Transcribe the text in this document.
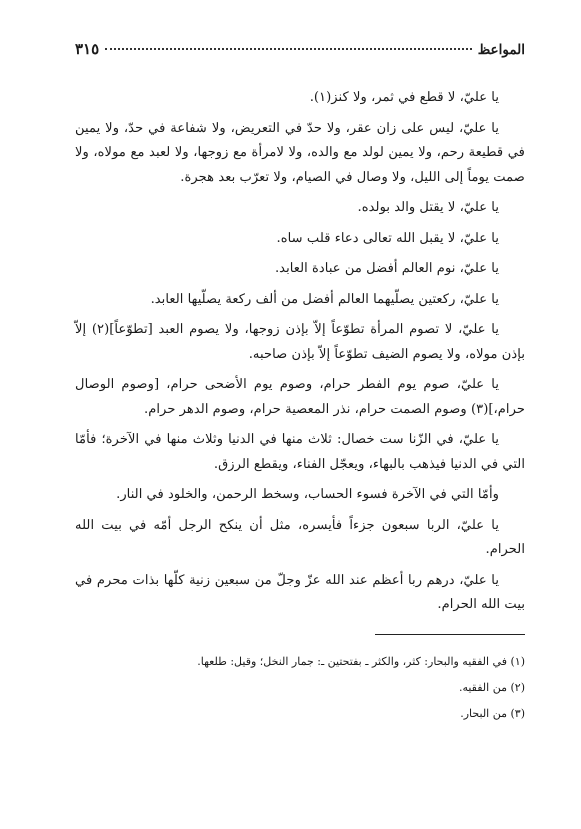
المواعظ
٣١٥

يا عليّ، لا قطع في ثمر، ولا كنز(١).

يا عليّ، ليس على زان عقر، ولا حدّ في التعريض، ولا شفاعة في حدّ، ولا يمين في قطيعة رحم، ولا يمين لولد مع والده، ولا لامرأة مع زوجها، ولا لعبد مع مولاه، ولا صمت يوماً إلى الليل، ولا وصال في الصيام، ولا تعرّب بعد هجرة.

يا عليّ، لا يقتل والد بولده.

يا عليّ، لا يقبل الله تعالى دعاء قلب ساه.

يا عليّ، نوم العالم أفضل من عبادة العابد.

يا عليّ، ركعتين يصلّيهما العالم أفضل من ألف ركعة يصلّيها العابد.

يا عليّ، لا تصوم المرأة تطوّعاً إلاّ بإذن زوجها، ولا يصوم العبد [تطوّعاً](٢) إلاّ بإذن مولاه، ولا يصوم الضيف تطوّعاً إلاّ بإذن صاحبه.

يا عليّ، صوم يوم الفطر حرام، وصوم يوم الأضحى حرام، [وصوم الوصال حرام،](٣) وصوم الصمت حرام، نذر المعصية حرام، وصوم الدهر حرام.

يا عليّ، في الزّنا ست خصال: ثلاث منها في الدنيا وثلاث منها في الآخرة؛ فأمّا التي في الدنيا فيذهب بالبهاء، ويعجّل الفناء، ويقطع الرزق.

وأمّا التي في الآخرة فسوء الحساب، وسخط الرحمن، والخلود في النار.

يا عليّ، الربا سبعون جزءاً فأيسره، مثل أن ينكح الرجل أمّه في بيت الله الحرام.

يا عليّ، درهم ربا أعظم عند الله عزّ وجلّ من سبعين زنية كلّها بذات محرم في بيت الله الحرام.

(١) في الفقيه والبحار: كثر، والكثر ـ بفتحتين ـ: جمار النخل؛ وقيل: طلعها.

(٢) من الفقيه.

(٣) من البحار.
